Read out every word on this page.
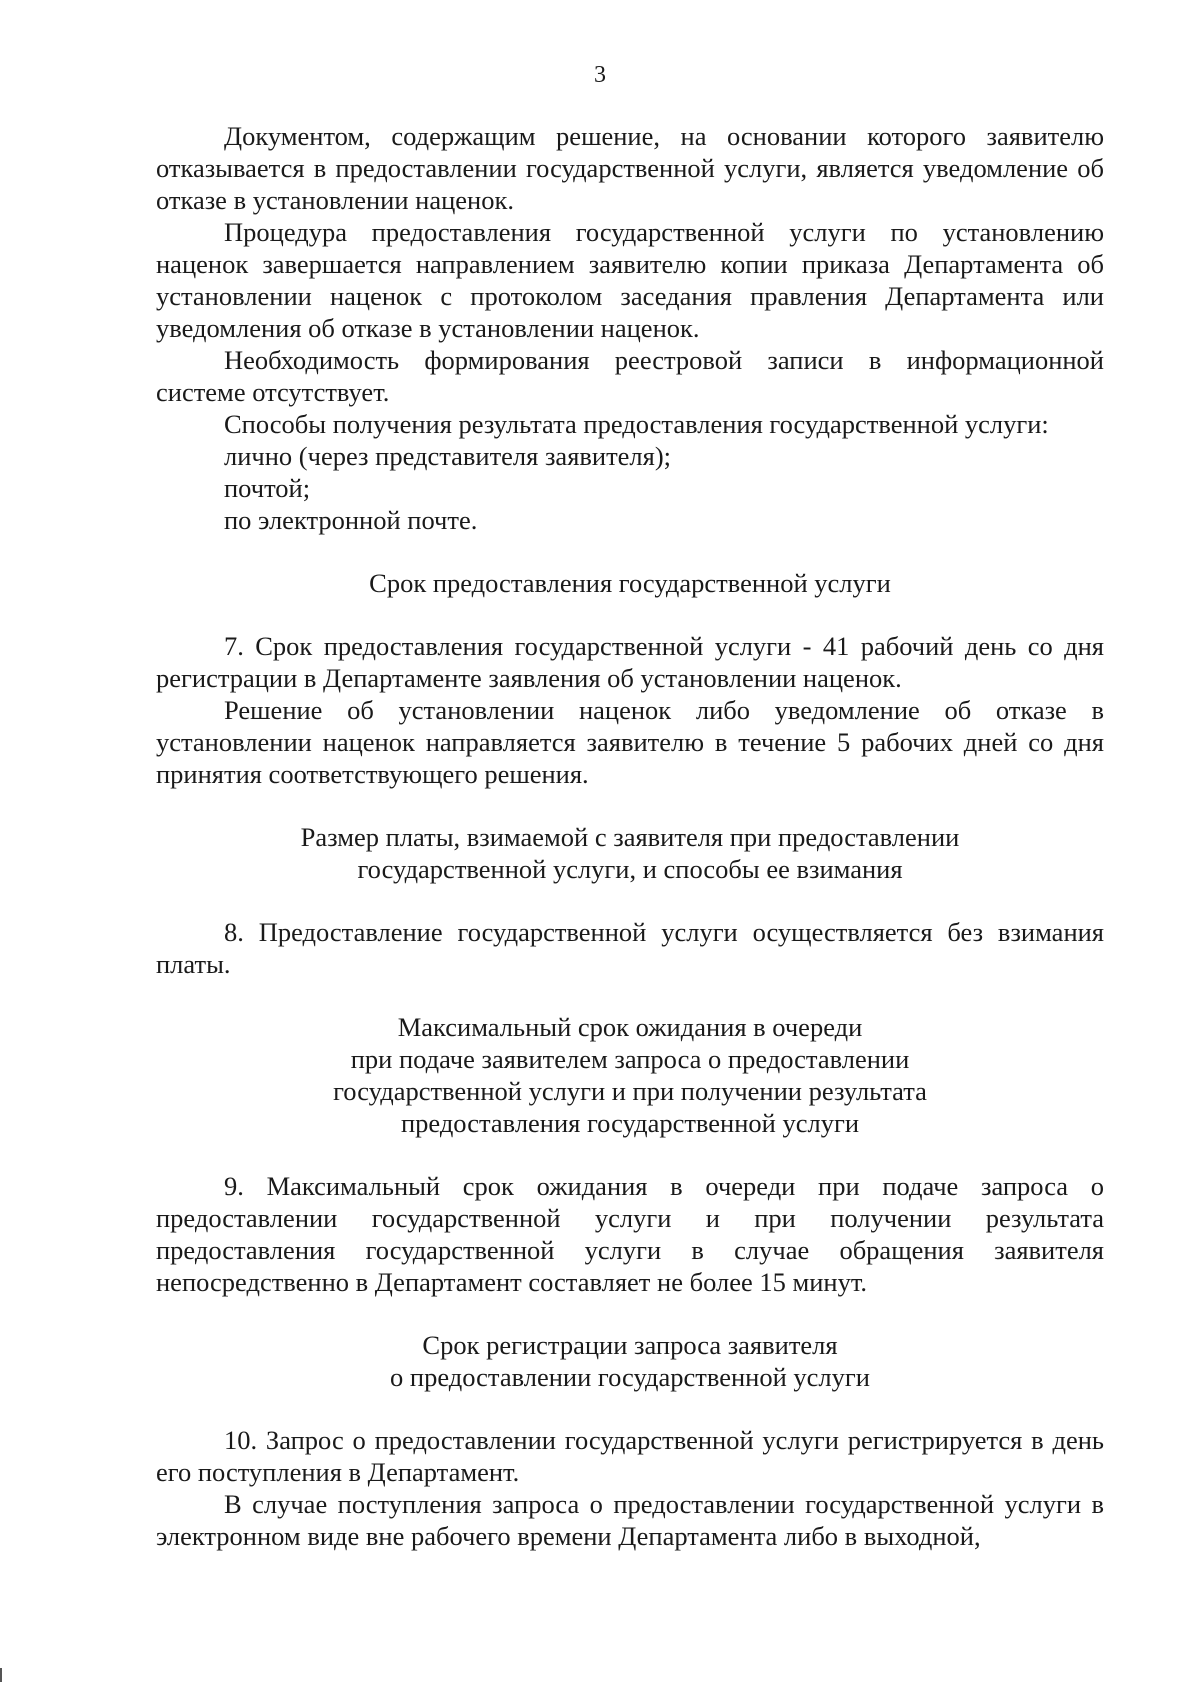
3

Документом, содержащим решение, на основании которого заявителю отказывается в предоставлении государственной услуги, является уведомление об отказе в установлении наценок.

Процедура предоставления государственной услуги по установлению наценок завершается направлением заявителю копии приказа Департамента об установлении наценок с протоколом заседания правления Департамента или уведомления об отказе в установлении наценок.

Необходимость формирования реестровой записи в информационной системе отсутствует.

Способы получения результата предоставления государственной услуги:

лично (через представителя заявителя);

почтой;

по электронной почте.

Срок предоставления государственной услуги

7. Срок предоставления государственной услуги - 41 рабочий день со дня регистрации в Департаменте заявления об установлении наценок.

Решение об установлении наценок либо уведомление об отказе в установлении наценок направляется заявителю в течение 5 рабочих дней со дня принятия соответствующего решения.

Размер платы, взимаемой с заявителя при предоставлении
государственной услуги, и способы ее взимания

8. Предоставление государственной услуги осуществляется без взимания платы.

Максимальный срок ожидания в очереди
при подаче заявителем запроса о предоставлении
государственной услуги и при получении результата
предоставления государственной услуги

9. Максимальный срок ожидания в очереди при подаче запроса о предоставлении государственной услуги и при получении результата предоставления государственной услуги в случае обращения заявителя непосредственно в Департамент составляет не более 15 минут.

Срок регистрации запроса заявителя
о предоставлении государственной услуги

10. Запрос о предоставлении государственной услуги регистрируется в день его поступления в Департамент.

В случае поступления запроса о предоставлении государственной услуги в электронном виде вне рабочего времени Департамента либо в выходной,
